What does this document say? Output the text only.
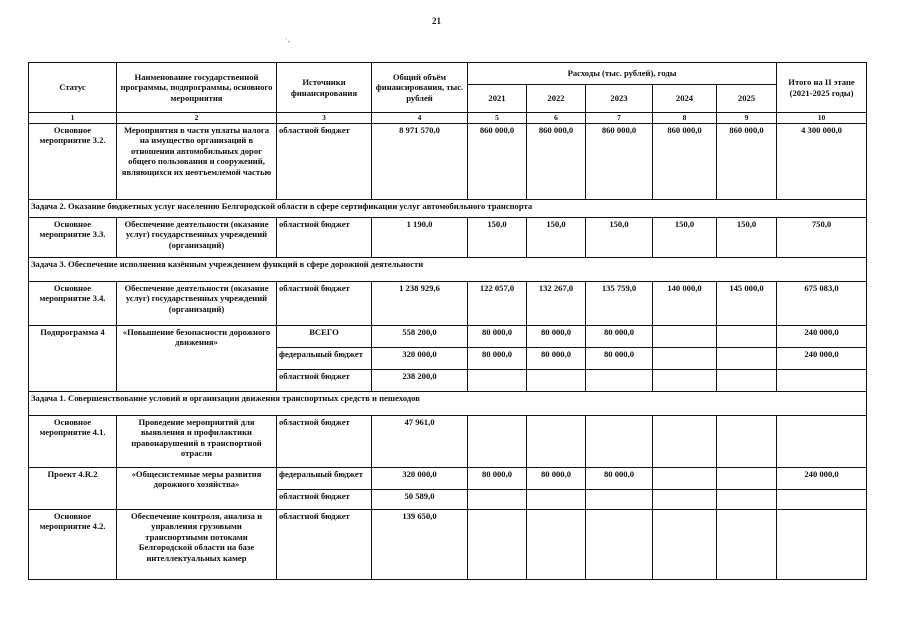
21
`-
Статус	Наименование государственной программы, подпрограммы, основного мероприятия	Источники финансирования	Общий объём финансирования, тыс. рублей	Расходы (тыс. рублей), годы					Итого на II этапе (2021-2025 годы)
				2021	2022	2023	2024	2025	
1	2	3	4	5	6	7	8	9	10
Основное мероприятие 3.2.	Мероприятия в части уплаты налога на имущество организаций в отношении автомобильных дорог общего пользования и сооружений, являющихся их неотъемлемой частью	областной бюджет	8 971 570,0	860 000,0	860 000,0	860 000,0	860 000,0	860 000,0	4 300 000,0
Задача 2. Оказание бюджетных услуг населению Белгородской области в сфере сертификации услуг автомобильного транспорта									
Основное мероприятие 3.3.	Обеспечение деятельности (оказание услуг) государственных учреждений (организаций)	областной бюджет	1 190,0	150,0	150,0	150,0	150,0	150,0	750,0
Задача 3. Обеспечение исполнения казённым учреждением функций в сфере дорожной деятельности									
Основное мероприятие 3.4.	Обеспечение деятельности (оказание услуг) государственных учреждений (организаций)	областной бюджет	1 238 929,6	122 057,0	132 267,0	135 759,0	140 000,0	145 000,0	675 083,0
Подпрограмма 4	«Повышение безопасности дорожного движения»	ВСЕГО	558 200,0	80 000,0	80 000,0	80 000,0			240 000,0
		федеральный бюджет	320 000,0	80 000,0	80 000,0	80 000,0			240 000,0
		областной бюджет	238 200,0						
Задача 1. Совершенствование условий и организации движения транспортных средств и пешеходов									
Основное мероприятие 4.1.	Проведение мероприятий для выявления и профилактики правонарушений в транспортной отрасли	областной бюджет	47 961,0						
Проект 4.R.2	«Общесистемные меры развития дорожного хозяйства»	федеральный бюджет	320 000,0	80 000,0	80 000,0	80 000,0			240 000,0
		областной бюджет	50 589,0						
Основное мероприятие 4.2.	Обеспечение контроля, анализа и управления грузовыми транспортными потоками Белгородской области на базе интеллектуальных камер	областной бюджет	139 650,0						
